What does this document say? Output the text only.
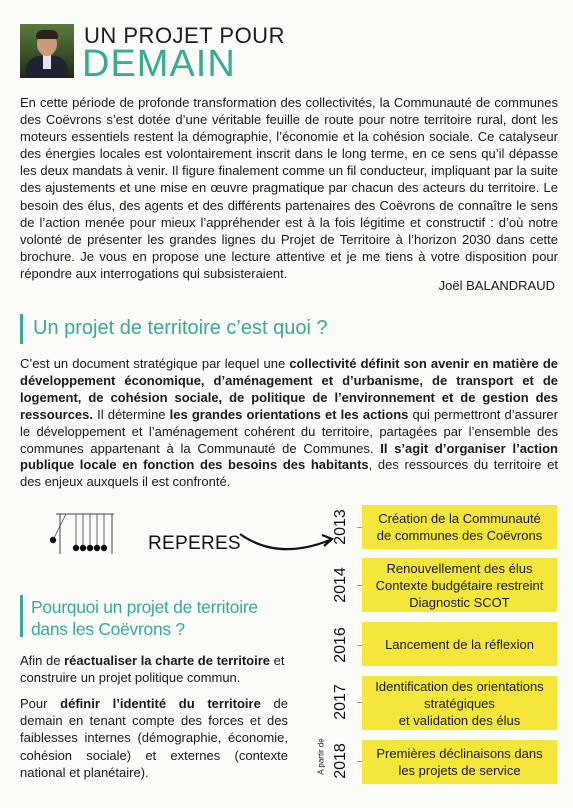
UN PROJET POUR
DEMAIN
En cette période de profonde transformation des collectivités, la Communauté de communes des Coëvrons s’est dotée d’une véritable feuille de route pour notre territoire rural, dont les moteurs essentiels restent la démographie, l’économie et la cohésion sociale. Ce catalyseur des énergies locales est volontairement inscrit dans le long terme, en ce sens qu’il dépasse les deux mandats à venir. Il figure finalement comme un fil conducteur, impliquant par la suite des ajustements et une mise en œuvre pragmatique par chacun des acteurs du territoire. Le besoin des élus, des agents et des différents partenaires des Coëvrons de connaître le sens de l’action menée pour mieux l’appréhender est à la fois légitime et constructif : d’où notre volonté de présenter les grandes lignes du Projet de Territoire à l’horizon 2030 dans cette brochure. Je vous en propose une lecture attentive et je me tiens à votre disposition pour répondre aux interrogations qui subsisteraient.
Joël BALANDRAUD
Un projet de territoire c’est quoi ?
C’est un document stratégique par lequel une collectivité définit son avenir en matière de développement économique, d’aménagement et d’urbanisme, de transport et de logement, de cohésion sociale, de politique de l’environnement et de gestion des ressources. Il détermine les grandes orientations et les actions qui permettront d’assurer le développement et l’aménagement cohérent du territoire, partagées par l’ensemble des communes appartenant à la Communauté de Communes. Il s’agit d’organiser l’action publique locale en fonction des besoins des habitants, des ressources du territoire et des enjeux auxquels il est confronté.
REPERES
Pourquoi un projet de territoire
dans les Coëvrons ?
Afin de réactualiser la charte de territoire et construire un projet politique commun.
Pour définir l’identité du territoire de demain en tenant compte des forces et des faiblesses internes (démographie, économie, cohésion sociale) et externes (contexte national et planétaire).
2013 Création de la Communauté
de communes des Coëvrons
2014	Renouvellement des élus
Contexte budgétaire restreint
Diagnostic SCOT
2016	Lancement de la réflexion
2017 Identification des orientations
stratégiques
et validation des élus
A partir de 2018 Premières déclinaisons dans
les projets de service
